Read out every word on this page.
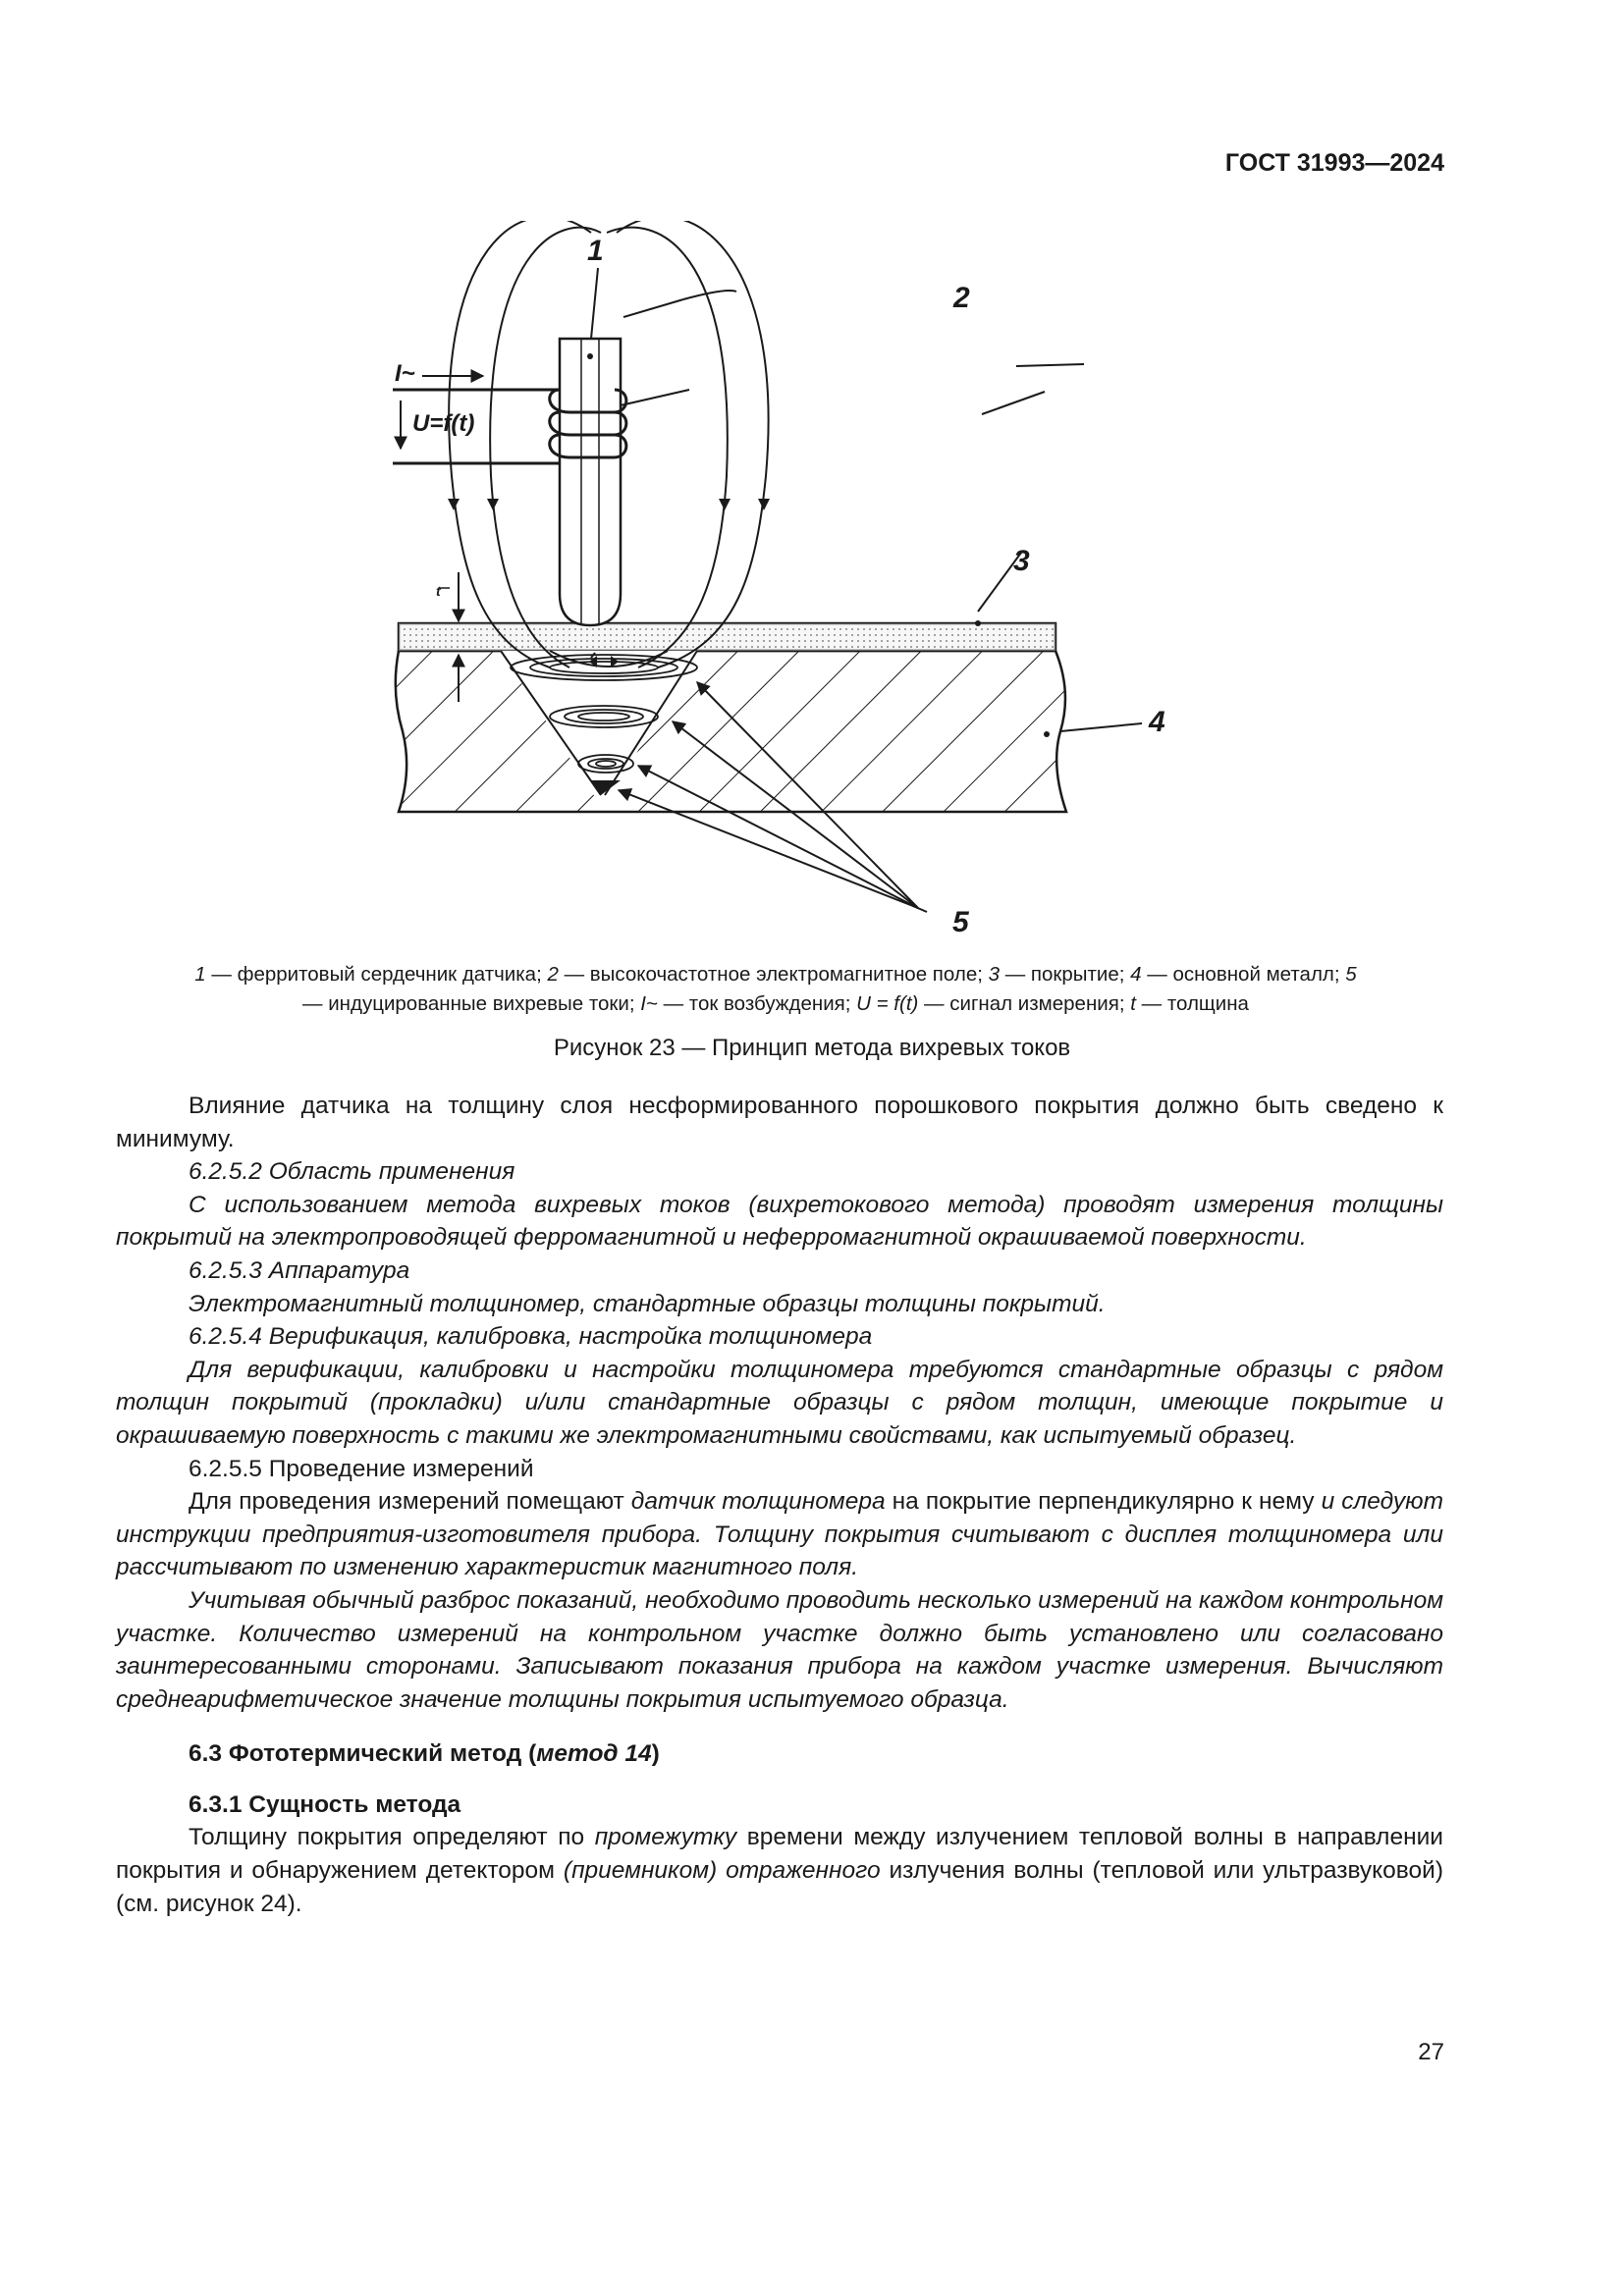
ГОСТ 31993—2024
I~
U=f(t)
t
1
2
3
4
5
1 — ферритовый сердечник датчика; 2 — высокочастотное электромагнитное поле; 3 — покрытие; 4 — основной металл; 5 — индуцированные вихревые токи; I~ — ток возбуждения; U = f(t) — сигнал измерения; t — толщина
Рисунок 23 — Принцип метода вихревых токов

Влияние датчика на толщину слоя несформированного порошкового покрытия должно быть сведено к минимуму.

6.2.5.2 Область применения

С использованием метода вихревых токов (вихретокового метода) проводят измерения толщины покрытий на электропроводящей ферромагнитной и неферромагнитной окрашиваемой поверхности.

6.2.5.3 Аппаратура

Электромагнитный толщиномер, стандартные образцы толщины покрытий.

6.2.5.4 Верификация, калибровка, настройка толщиномера

Для верификации, калибровки и настройки толщиномера требуются стандартные образцы с рядом толщин покрытий (прокладки) и/или стандартные образцы с рядом толщин, имеющие покрытие и окрашиваемую поверхность с такими же электромагнитными свойствами, как испытуемый образец.

6.2.5.5 Проведение измерений

Для проведения измерений помещают датчик толщиномера на покрытие перпендикулярно к нему и следуют инструкции предприятия-изготовителя прибора. Толщину покрытия считывают с дисплея толщиномера или рассчитывают по изменению характеристик магнитного поля.

Учитывая обычный разброс показаний, необходимо проводить несколько измерений на каждом контрольном участке. Количество измерений на контрольном участке должно быть установлено или согласовано заинтересованными сторонами. Записывают показания прибора на каждом участке измерения. Вычисляют среднеарифметическое значение толщины покрытия испытуемого образца.

6.3 Фототермический метод (метод 14)

6.3.1 Сущность метода

Толщину покрытия определяют по промежутку времени между излучением тепловой волны в направлении покрытия и обнаружением детектором (приемником) отраженного излучения волны (тепловой или ультразвуковой) (см. рисунок 24).

27
